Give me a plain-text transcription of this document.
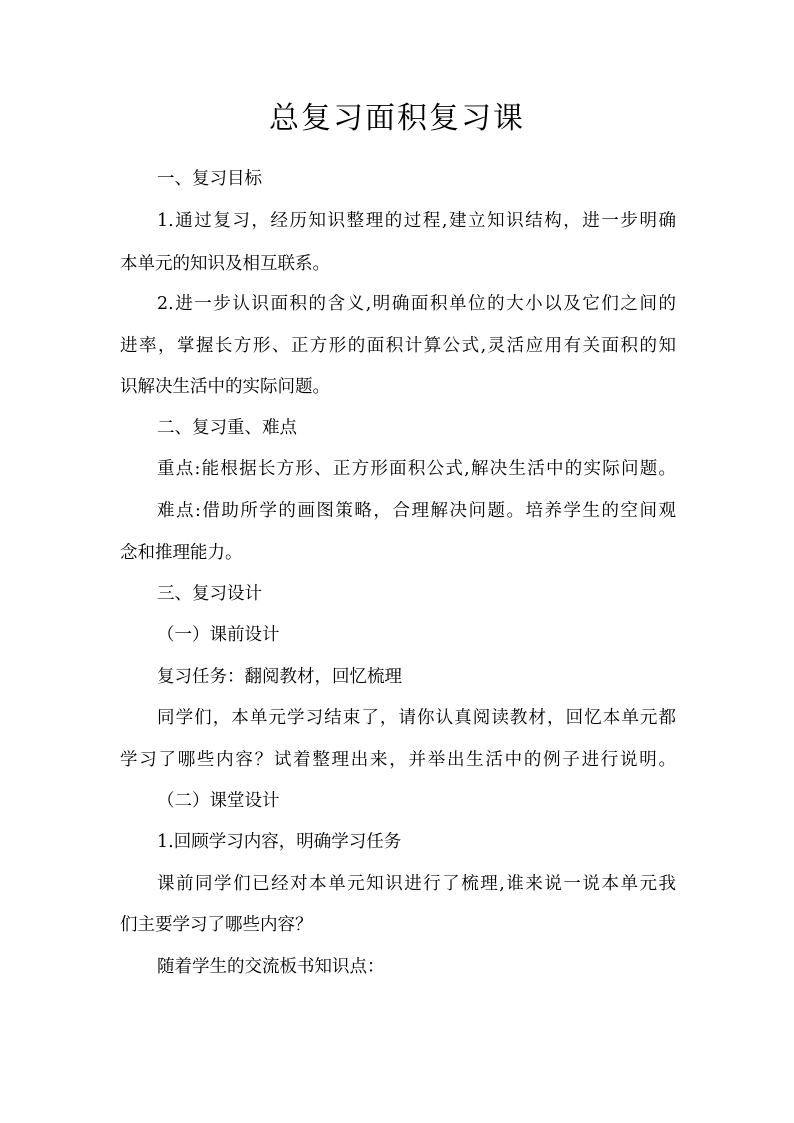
总复习面积复习课
一、复习目标
1.通过复习，经历知识整理的过程,建立知识结构，进一步明确
本单元的知识及相互联系。
2.进一步认识面积的含义,明确面积单位的大小以及它们之间的
进率，掌握长方形、正方形的面积计算公式,灵活应用有关面积的知
识解决生活中的实际问题。
二、复习重、难点
重点:能根据长方形、正方形面积公式,解决生活中的实际问题。
难点:借助所学的画图策略，合理解决问题。培养学生的空间观
念和推理能力。
三、复习设计
（一）课前设计
复习任务：翻阅教材，回忆梳理
同学们，本单元学习结束了，请你认真阅读教材，回忆本单元都
学习了哪些内容？试着整理出来，并举出生活中的例子进行说明。
（二）课堂设计
1.回顾学习内容，明确学习任务
课前同学们已经对本单元知识进行了梳理,谁来说一说本单元我
们主要学习了哪些内容？
随着学生的交流板书知识点：
